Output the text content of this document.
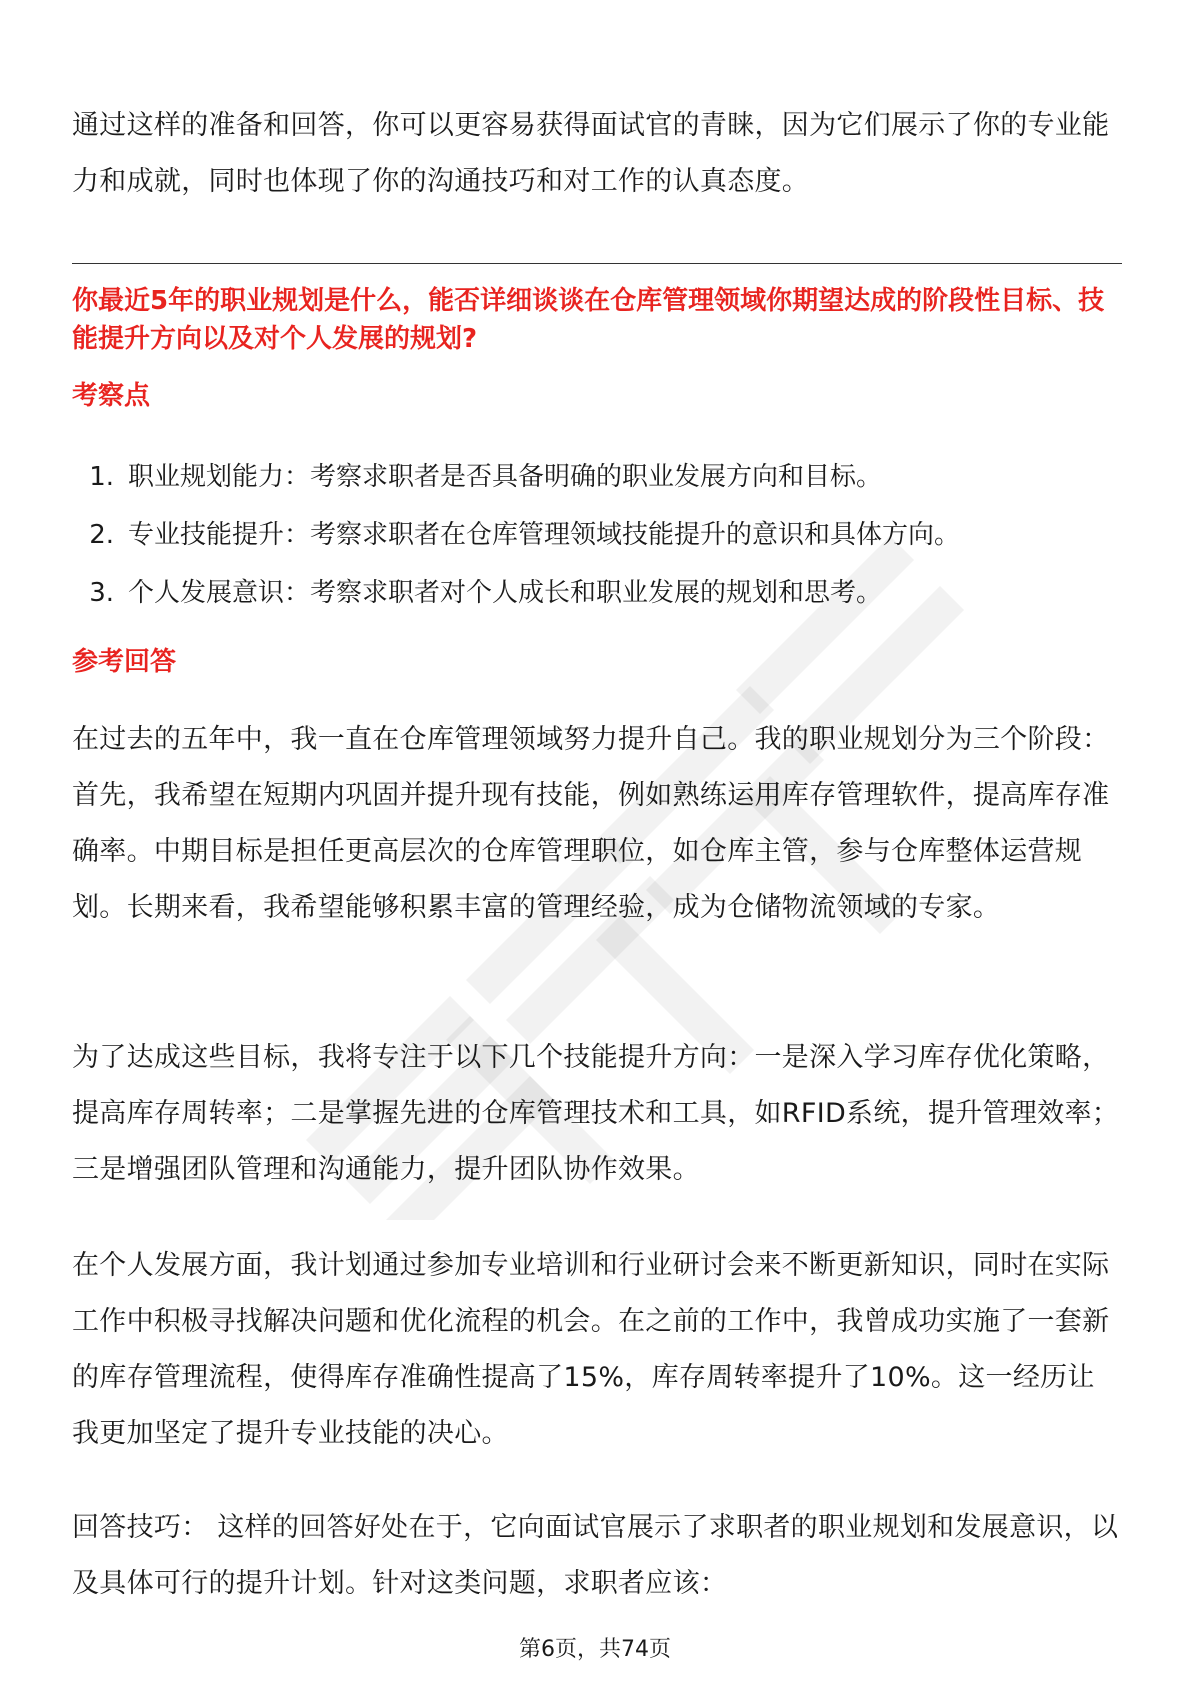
通过这样的准备和回答，你可以更容易获得面试官的青睐，因为它们展示了你的专业能力和成就，同时也体现了你的沟通技巧和对工作的认真态度。

你最近5年的职业规划是什么，能否详细谈谈在仓库管理领域你期望达成的阶段性目标、技能提升方向以及对个人发展的规划?

考察点

1. 职业规划能力：考察求职者是否具备明确的职业发展方向和目标。
2. 专业技能提升：考察求职者在仓库管理领域技能提升的意识和具体方向。
3. 个人发展意识：考察求职者对个人成长和职业发展的规划和思考。

参考回答

在过去的五年中，我一直在仓库管理领域努力提升自己。我的职业规划分为三个阶段：首先，我希望在短期内巩固并提升现有技能，例如熟练运用库存管理软件，提高库存准确率。中期目标是担任更高层次的仓库管理职位，如仓库主管，参与仓库整体运营规划。长期来看，我希望能够积累丰富的管理经验，成为仓储物流领域的专家。

为了达成这些目标，我将专注于以下几个技能提升方向：一是深入学习库存优化策略，提高库存周转率；二是掌握先进的仓库管理技术和工具，如RFID系统，提升管理效率；三是增强团队管理和沟通能力，提升团队协作效果。

在个人发展方面，我计划通过参加专业培训和行业研讨会来不断更新知识，同时在实际工作中积极寻找解决问题和优化流程的机会。在之前的工作中，我曾成功实施了一套新的库存管理流程，使得库存准确性提高了15%，库存周转率提升了10%。这一经历让我更加坚定了提升专业技能的决心。

回答技巧： 这样的回答好处在于，它向面试官展示了求职者的职业规划和发展意识，以及具体可行的提升计划。针对这类问题，求职者应该：

第6页，共74页
